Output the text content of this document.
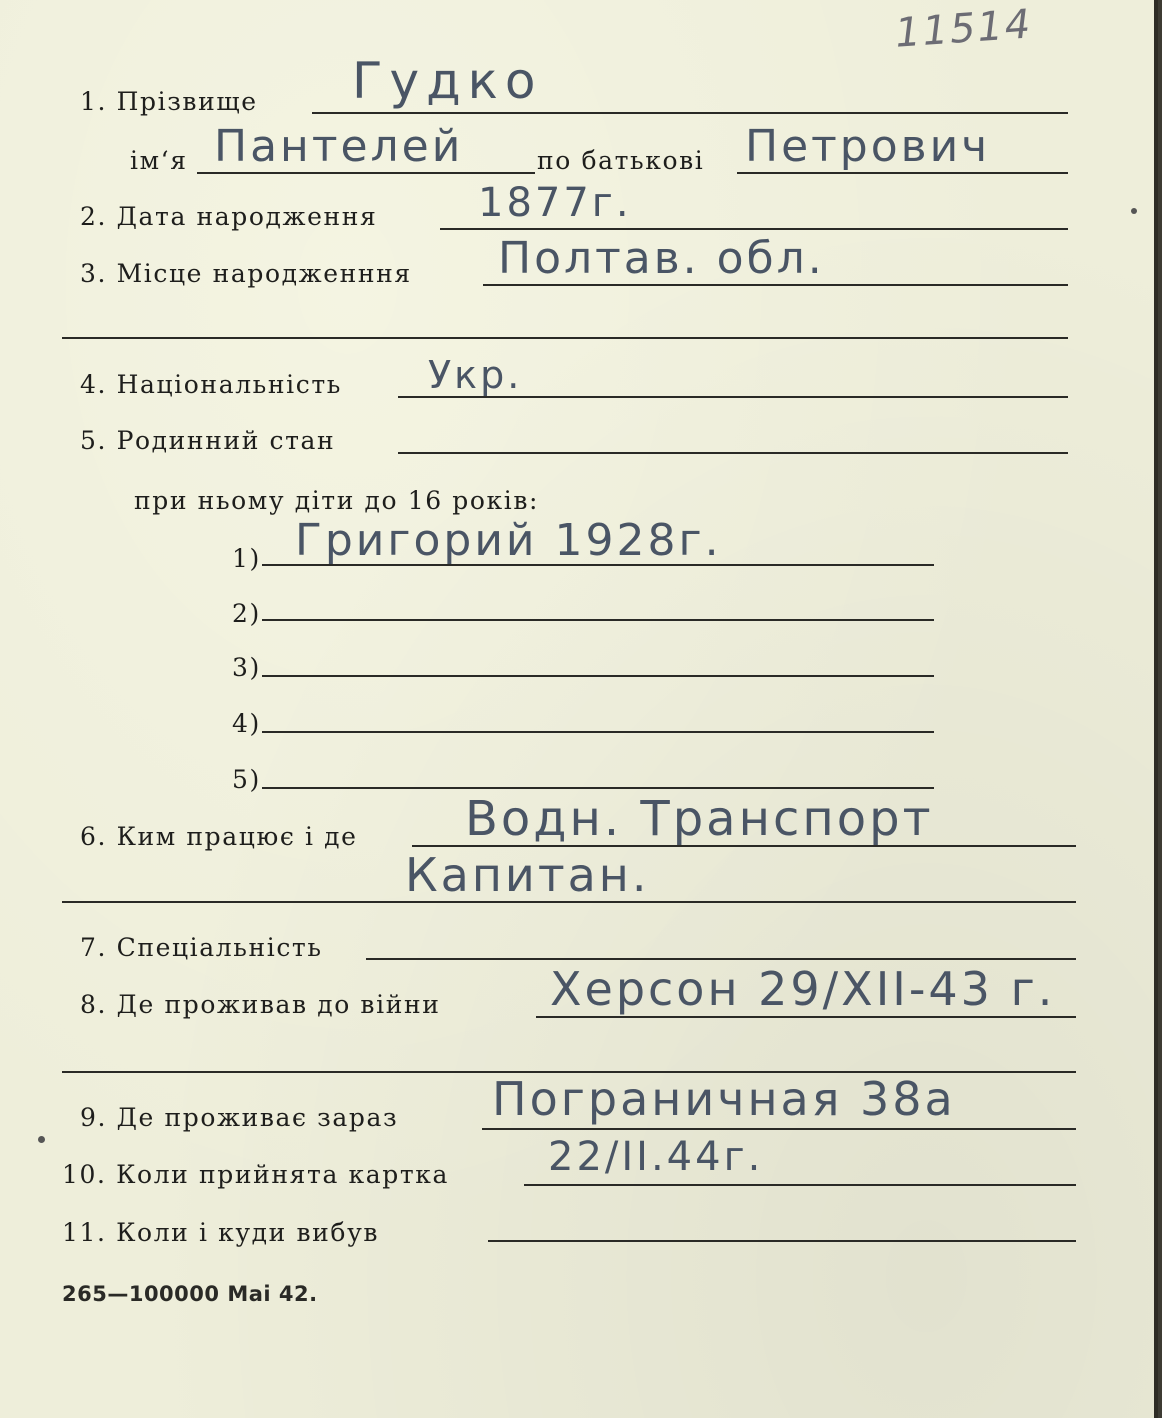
11514
1. Прізвище Гудко
ім‘я Пантелей	по батькові Петрович
2. Дата народження	1877г.
3. Місце народженння Полтав. обл.
4. Національність Укр.
5. Родинний стан
при ньому діти до 16 років:
1) Григорий 1928г.
2)
3)
4)
5)
6. Ким працює і де Водн. Транспорт
Капитан.
7. Спеціальність
8. Де проживав до війни Херсон 29/XII-43 г.
9. Де проживає зараз Пограничная 38а
10. Коли прийнята картка 22/II.44г.
11. Коли і куди вибув
265—100000 Mai 42.
